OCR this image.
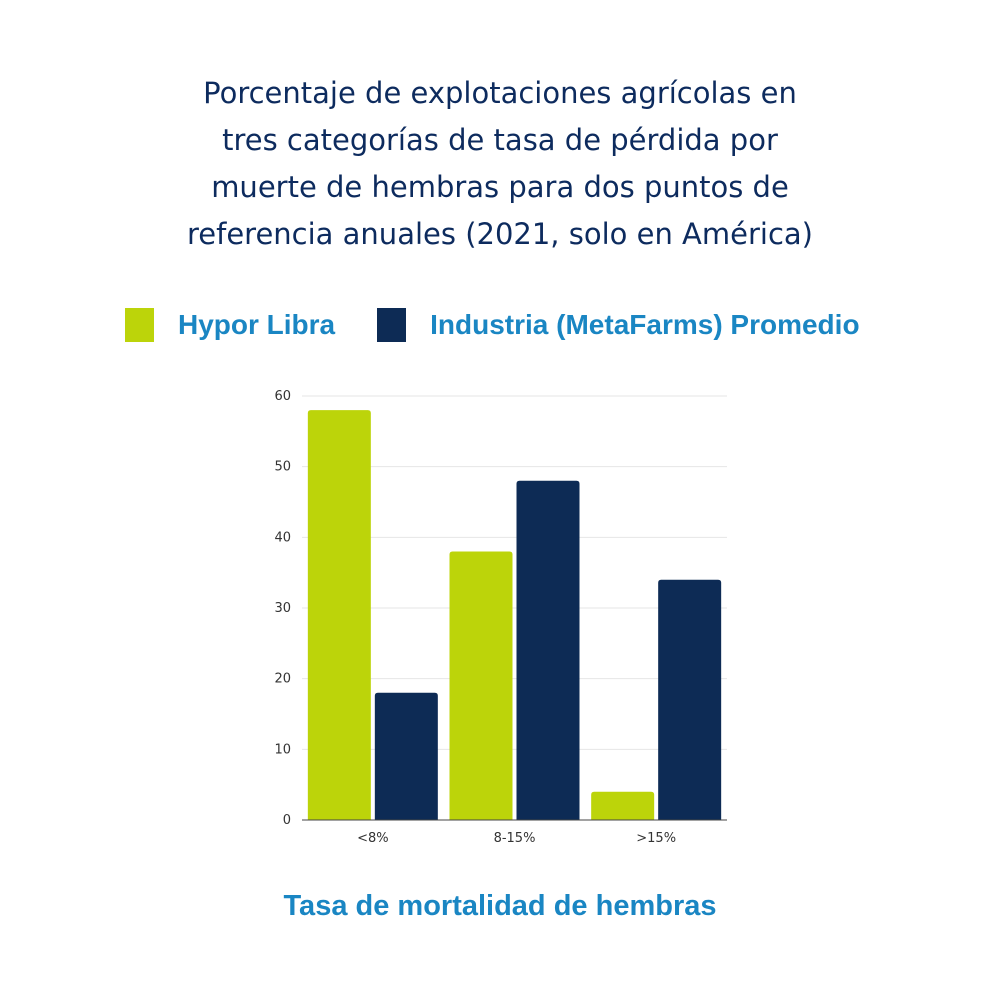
Porcentaje de explotaciones agrícolas en
tres categorías de tasa de pérdida por
muerte de hembras para dos puntos de
referencia anuales (2021, solo en América)
Hypor Libra	Industria (MetaFarms) Promedio
0
10
20
30
40
50
60
<8%	8-15%	>15%
Tasa de mortalidad de hembras
